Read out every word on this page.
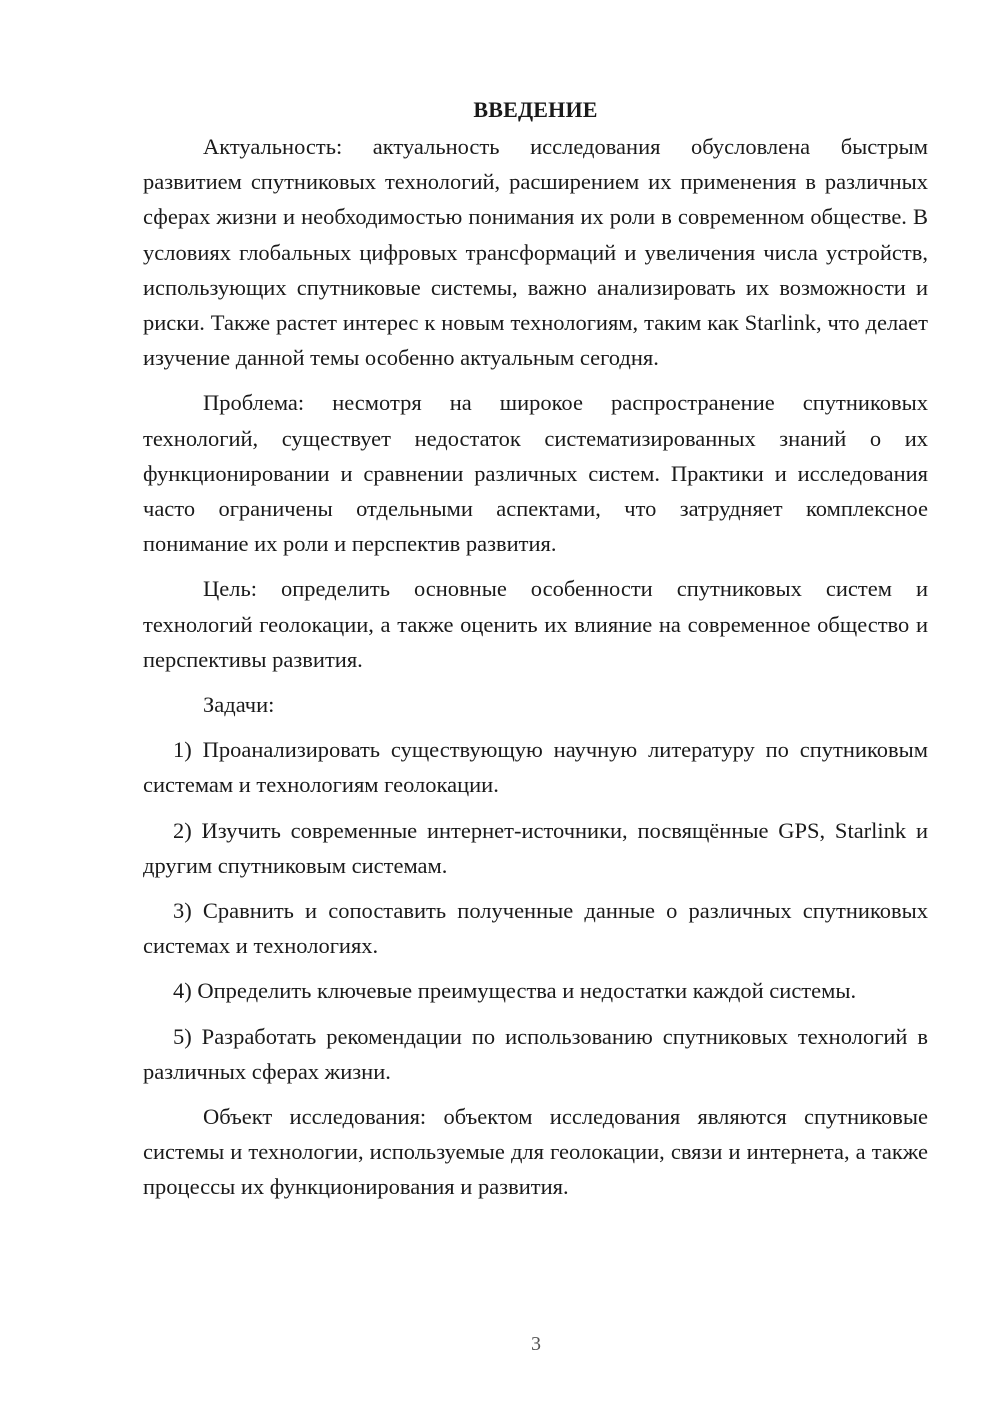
ВВЕДЕНИЕ

Актуальность: актуальность исследования обусловлена быстрым развитием спутниковых технологий, расширением их применения в различных сферах жизни и необходимостью понимания их роли в современном обществе. В условиях глобальных цифровых трансформаций и увеличения числа устройств, использующих спутниковые системы, важно анализировать их возможности и риски. Также растет интерес к новым технологиям, таким как Starlink, что делает изучение данной темы особенно актуальным сегодня.

Проблема: несмотря на широкое распространение спутниковых технологий, существует недостаток систематизированных знаний о их функционировании и сравнении различных систем. Практики и исследования часто ограничены отдельными аспектами, что затрудняет комплексное понимание их роли и перспектив развития.

Цель: определить основные особенности спутниковых систем и технологий геолокации, а также оценить их влияние на современное общество и перспективы развития.

Задачи:

1) Проанализировать существующую научную литературу по спутниковым системам и технологиям геолокации.

2) Изучить современные интернет-источники, посвящённые GPS, Starlink и другим спутниковым системам.

3) Сравнить и сопоставить полученные данные о различных спутниковых системах и технологиях.

4) Определить ключевые преимущества и недостатки каждой системы.

5) Разработать рекомендации по использованию спутниковых технологий в различных сферах жизни.

Объект исследования: объектом исследования являются спутниковые системы и технологии, используемые для геолокации, связи и интернета, а также процессы их функционирования и развития.

3
